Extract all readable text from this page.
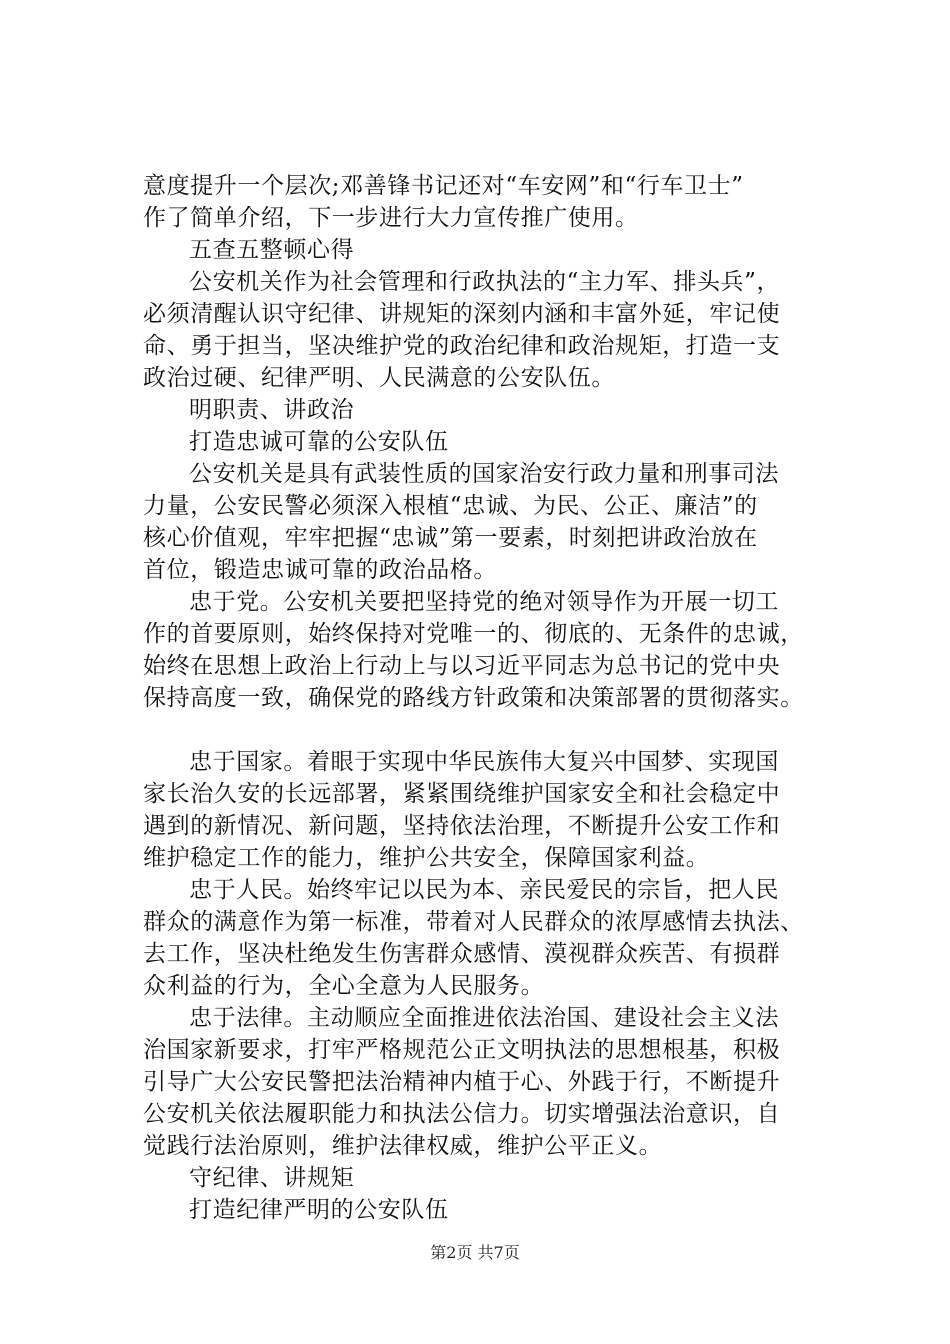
意度提升一个层次;邓善锋书记还对“车安网”和“行车卫士”
作了简单介绍，下一步进行大力宣传推广使用。
五查五整顿心得
公安机关作为社会管理和行政执法的“主力军、排头兵”，
必须清醒认识守纪律、讲规矩的深刻内涵和丰富外延，牢记使
命、勇于担当，坚决维护党的政治纪律和政治规矩，打造一支
政治过硬、纪律严明、人民满意的公安队伍。
明职责、讲政治
打造忠诚可靠的公安队伍
公安机关是具有武装性质的国家治安行政力量和刑事司法
力量，公安民警必须深入根植“忠诚、为民、公正、廉洁”的
核心价值观，牢牢把握“忠诚”第一要素，时刻把讲政治放在
首位，锻造忠诚可靠的政治品格。
忠于党。公安机关要把坚持党的绝对领导作为开展一切工
作的首要原则，始终保持对党唯一的、彻底的、无条件的忠诚，
始终在思想上政治上行动上与以习近平同志为总书记的党中央
保持高度一致，确保党的路线方针政策和决策部署的贯彻落实。
忠于国家。着眼于实现中华民族伟大复兴中国梦、实现国
家长治久安的长远部署，紧紧围绕维护国家安全和社会稳定中
遇到的新情况、新问题，坚持依法治理，不断提升公安工作和
维护稳定工作的能力，维护公共安全，保障国家利益。
忠于人民。始终牢记以民为本、亲民爱民的宗旨，把人民
群众的满意作为第一标准，带着对人民群众的浓厚感情去执法、
去工作，坚决杜绝发生伤害群众感情、漠视群众疾苦、有损群
众利益的行为，全心全意为人民服务。
忠于法律。主动顺应全面推进依法治国、建设社会主义法
治国家新要求，打牢严格规范公正文明执法的思想根基，积极
引导广大公安民警把法治精神内植于心、外践于行，不断提升
公安机关依法履职能力和执法公信力。切实增强法治意识，自
觉践行法治原则，维护法律权威，维护公平正义。
守纪律、讲规矩
打造纪律严明的公安队伍
第2页 共7页
